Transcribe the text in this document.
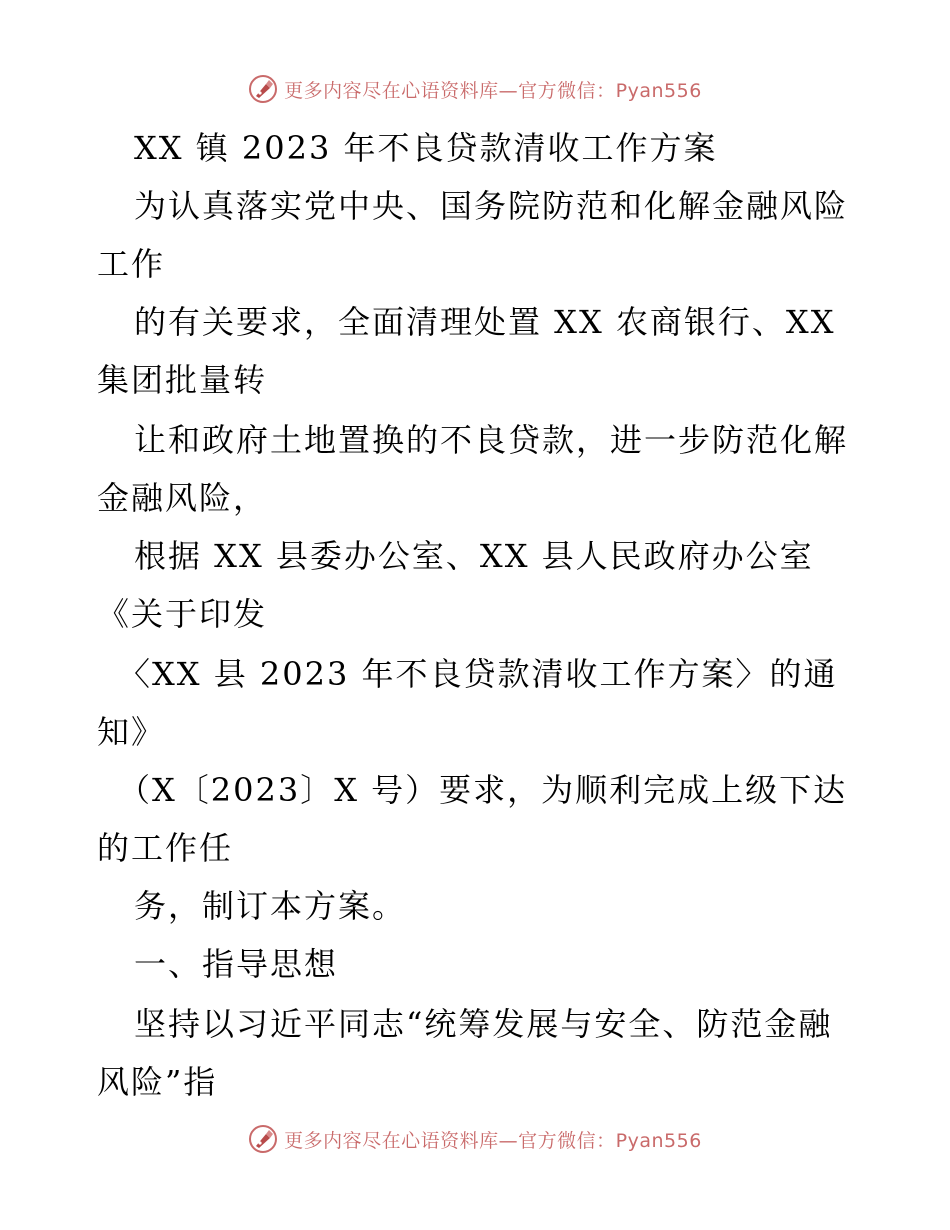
更多内容尽在心语资料库—官方微信：Pyan556
XX 镇 2023 年不良贷款清收工作方案
为认真落实党中央、国务院防范和化解金融风险
工作
的有关要求，全面清理处置 XX 农商银行、XX
集团批量转
让和政府土地置换的不良贷款，进一步防范化解
金融风险，
根据 XX 县委办公室、XX 县人民政府办公室
《关于印发
〈XX 县 2023 年不良贷款清收工作方案〉的通
知》
（X〔2023〕X 号）要求，为顺利完成上级下达
的工作任
务，制订本方案。
一、指导思想
坚持以习近平同志“统筹发展与安全、防范金融
风险”指
更多内容尽在心语资料库—官方微信：Pyan556
